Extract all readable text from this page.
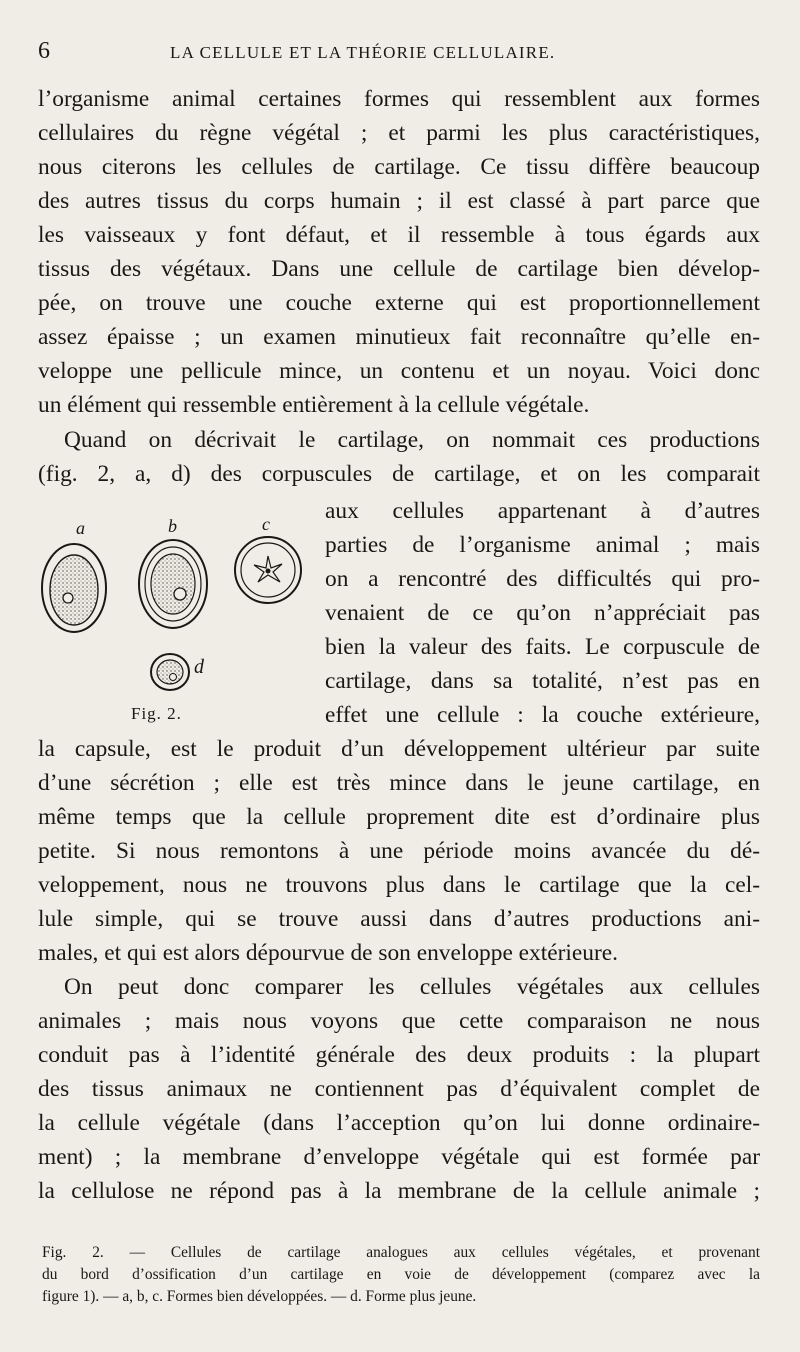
6	LA CELLULE ET LA THÉORIE CELLULAIRE.
l’organisme animal certaines formes qui ressemblent aux formes
cellulaires du règne végétal ; et parmi les plus caractéristiques,
nous citerons les cellules de cartilage. Ce tissu diffère beaucoup
des autres tissus du corps humain ; il est classé à part parce que
les vaisseaux y font défaut, et il ressemble à tous égards aux
tissus des végétaux. Dans une cellule de cartilage bien dévelop-
pée, on trouve une couche externe qui est proportionnellement
assez épaisse ; un examen minutieux fait reconnaître qu’elle en-
veloppe une pellicule mince, un contenu et un noyau. Voici donc
un élément qui ressemble entièrement à la cellule végétale.
Quand on décrivait le cartilage, on nommait ces productions
(fig. 2, a, d) des corpuscules de cartilage, et on les comparait
aux cellules appartenant à d’autres
parties de l’organisme animal ; mais
on a rencontré des difficultés qui pro-
venaient de ce qu’on n’appréciait pas
bien la valeur des faits. Le corpuscule de
cartilage, dans sa totalité, n’est pas en
effet une cellule : la couche extérieure,
a	b	c
d
Fig. 2.
la capsule, est le produit d’un développement ultérieur par suite
d’une sécrétion ; elle est très mince dans le jeune cartilage, en
même temps que la cellule proprement dite est d’ordinaire plus
petite. Si nous remontons à une période moins avancée du dé-
veloppement, nous ne trouvons plus dans le cartilage que la cel-
lule simple, qui se trouve aussi dans d’autres productions ani-
males, et qui est alors dépourvue de son enveloppe extérieure.
On peut donc comparer les cellules végétales aux cellules
animales ; mais nous voyons que cette comparaison ne nous
conduit pas à l’identité générale des deux produits : la plupart
des tissus animaux ne contiennent pas d’équivalent complet de
la cellule végétale (dans l’acception qu’on lui donne ordinaire-
ment) ; la membrane d’enveloppe végétale qui est formée par
la cellulose ne répond pas à la membrane de la cellule animale ;
Fig. 2. — Cellules de cartilage analogues aux cellules végétales, et provenant
du bord d’ossification d’un cartilage en voie de développement (comparez avec la
figure 1). — a, b, c. Formes bien développées. — d. Forme plus jeune.
